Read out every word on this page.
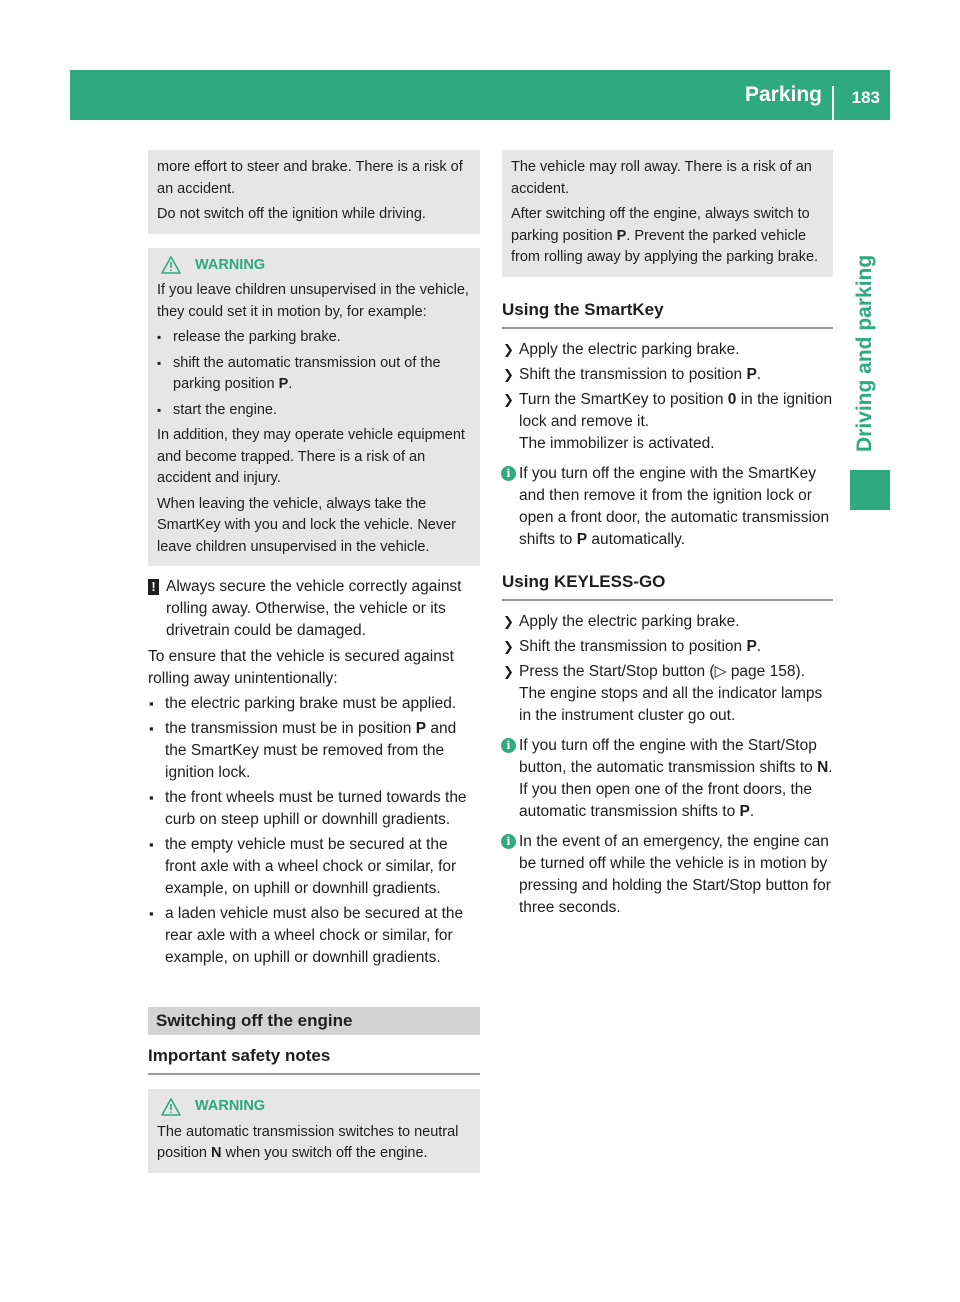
Parking 183
Driving and parking

more effort to steer and brake. There is a risk of an accident.

Do not switch off the ignition while driving.

WARNING

If you leave children unsupervised in the vehicle, they could set it in motion by, for example:

▪ release the parking brake.

▪ shift the automatic transmission out of the parking position P.

▪ start the engine.

In addition, they may operate vehicle equipment and become trapped. There is a risk of an accident and injury.

When leaving the vehicle, always take the SmartKey with you and lock the vehicle. Never leave children unsupervised in the vehicle.

! Always secure the vehicle correctly against rolling away. Otherwise, the vehicle or its drivetrain could be damaged.

To ensure that the vehicle is secured against rolling away unintentionally:

▪ the electric parking brake must be applied.

▪ the transmission must be in position P and the SmartKey must be removed from the ignition lock.

▪ the front wheels must be turned towards the curb on steep uphill or downhill gradients.

▪ the empty vehicle must be secured at the front axle with a wheel chock or similar, for example, on uphill or downhill gradients.

▪ a laden vehicle must also be secured at the rear axle with a wheel chock or similar, for example, on uphill or downhill gradients.

Switching off the engine
Important safety notes
WARNING

The automatic transmission switches to neutral position N when you switch off the engine.

The vehicle may roll away. There is a risk of an accident.

After switching off the engine, always switch to parking position P. Prevent the parked vehicle from rolling away by applying the parking brake.

Using the SmartKey

❯ Apply the electric parking brake.

❯ Shift the transmission to position P.

❯ Turn the SmartKey to position 0 in the ignition lock and remove it.
The immobilizer is activated.

i If you turn off the engine with the SmartKey and then remove it from the ignition lock or open a front door, the automatic transmission shifts to P automatically.

Using KEYLESS-GO

❯ Apply the electric parking brake.

❯ Shift the transmission to position P.

❯ Press the Start/Stop button (▷ page 158).
The engine stops and all the indicator lamps in the instrument cluster go out.

i If you turn off the engine with the Start/Stop button, the automatic transmission shifts to N. If you then open one of the front doors, the automatic transmission shifts to P.

i In the event of an emergency, the engine can be turned off while the vehicle is in motion by pressing and holding the Start/Stop button for three seconds.
